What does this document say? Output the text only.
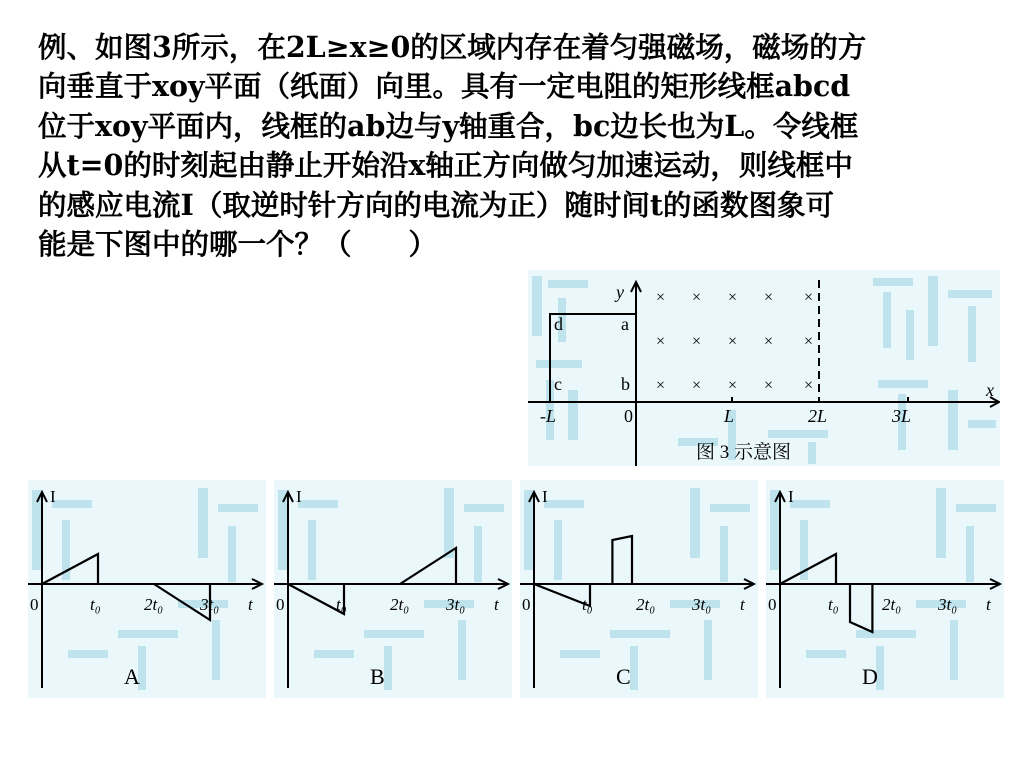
例、如图3所示，在2L≥x≥0的区域内存在着匀强磁场，磁场的方
向垂直于xoy平面（纸面）向里。具有一定电阻的矩形线框abcd
位于xoy平面内，线框的ab边与y轴重合，bc边长也为L。令线框
从t=0的时刻起由静止开始沿x轴正方向做匀加速运动，则线框中
的感应电流I（取逆时针方向的电流为正）随时间t的函数图象可
能是下图中的哪一个？（　　）
y
x
d	a
c	b
× × × × ×
× × × × ×
× × × × ×
-L	0	L	2L	3L
图 3 示意图
I
t
0	t₀	2t₀ 3t₀
A
I
t
0	t₀	2t₀ 3t₀
B
I
t
0	t₀	2t₀ 3t₀
C
I
t
0	t₀	2t₀ 3t₀
D
